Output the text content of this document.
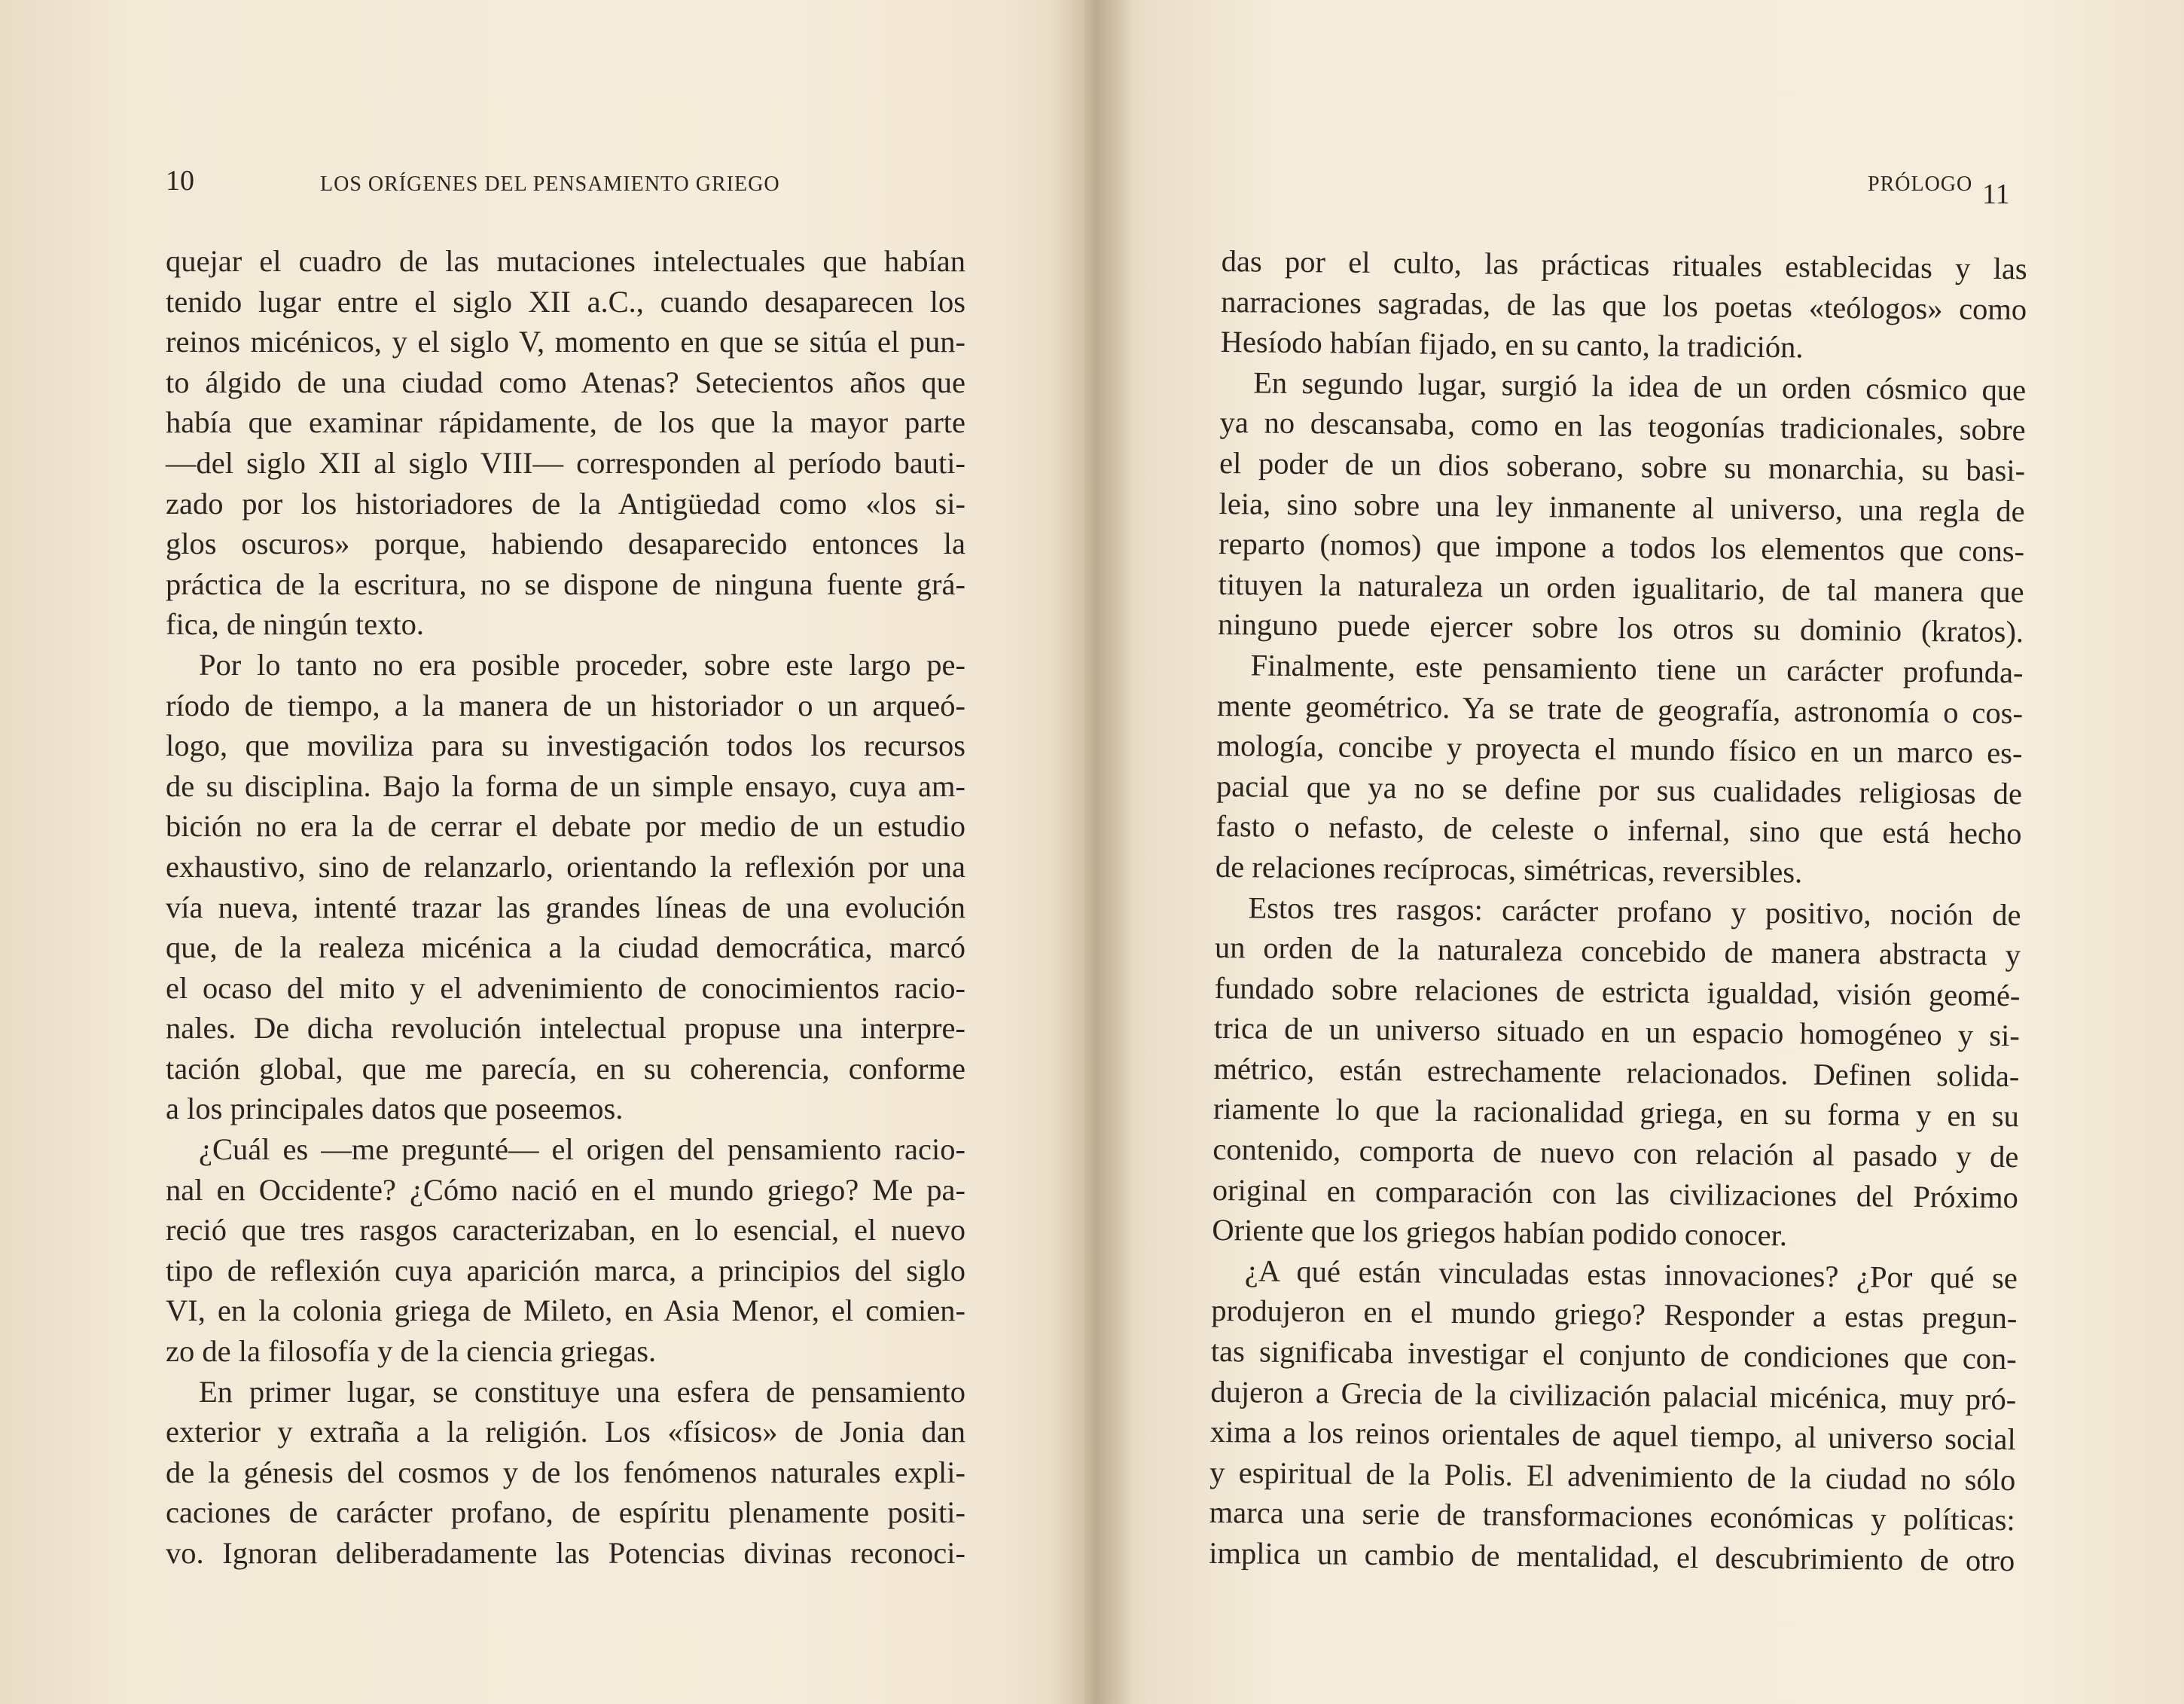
10	LOS ORÍGENES DEL PENSAMIENTO GRIEGO
quejar el cuadro de las mutaciones intelectuales que habían
tenido lugar entre el siglo XII a.C., cuando desaparecen los
reinos micénicos, y el siglo V, momento en que se sitúa el pun-
to álgido de una ciudad como Atenas? Setecientos años que
había que examinar rápidamente, de los que la mayor parte
—del siglo XII al siglo VIII— corresponden al período bauti-
zado por los historiadores de la Antigüedad como «los si-
glos oscuros» porque, habiendo desaparecido entonces la
práctica de la escritura, no se dispone de ninguna fuente grá-
fica, de ningún texto.
Por lo tanto no era posible proceder, sobre este largo pe-
ríodo de tiempo, a la manera de un historiador o un arqueó-
logo, que moviliza para su investigación todos los recursos
de su disciplina. Bajo la forma de un simple ensayo, cuya am-
bición no era la de cerrar el debate por medio de un estudio
exhaustivo, sino de relanzarlo, orientando la reflexión por una
vía nueva, intenté trazar las grandes líneas de una evolución
que, de la realeza micénica a la ciudad democrática, marcó
el ocaso del mito y el advenimiento de conocimientos racio-
nales. De dicha revolución intelectual propuse una interpre-
tación global, que me parecía, en su coherencia, conforme
a los principales datos que poseemos.
¿Cuál es —me pregunté— el origen del pensamiento racio-
nal en Occidente? ¿Cómo nació en el mundo griego? Me pa-
reció que tres rasgos caracterizaban, en lo esencial, el nuevo
tipo de reflexión cuya aparición marca, a principios del siglo
VI, en la colonia griega de Mileto, en Asia Menor, el comien-
zo de la filosofía y de la ciencia griegas.
En primer lugar, se constituye una esfera de pensamiento
exterior y extraña a la religión. Los «físicos» de Jonia dan
de la génesis del cosmos y de los fenómenos naturales expli-
caciones de carácter profano, de espíritu plenamente positi-
vo. Ignoran deliberadamente las Potencias divinas reconoci-
PRÓLOGO 11
das por el culto, las prácticas rituales establecidas y las
narraciones sagradas, de las que los poetas «teólogos» como
Hesíodo habían fijado, en su canto, la tradición.
En segundo lugar, surgió la idea de un orden cósmico que
ya no descansaba, como en las teogonías tradicionales, sobre
el poder de un dios soberano, sobre su monarchia, su basi-
leia, sino sobre una ley inmanente al universo, una regla de
reparto (nomos) que impone a todos los elementos que cons-
tituyen la naturaleza un orden igualitario, de tal manera que
ninguno puede ejercer sobre los otros su dominio (kratos).
Finalmente, este pensamiento tiene un carácter profunda-
mente geométrico. Ya se trate de geografía, astronomía o cos-
mología, concibe y proyecta el mundo físico en un marco es-
pacial que ya no se define por sus cualidades religiosas de
fasto o nefasto, de celeste o infernal, sino que está hecho
de relaciones recíprocas, simétricas, reversibles.
Estos tres rasgos: carácter profano y positivo, noción de
un orden de la naturaleza concebido de manera abstracta y
fundado sobre relaciones de estricta igualdad, visión geomé-
trica de un universo situado en un espacio homogéneo y si-
métrico, están estrechamente relacionados. Definen solida-
riamente lo que la racionalidad griega, en su forma y en su
contenido, comporta de nuevo con relación al pasado y de
original en comparación con las civilizaciones del Próximo
Oriente que los griegos habían podido conocer.
¿A qué están vinculadas estas innovaciones? ¿Por qué se
produjeron en el mundo griego? Responder a estas pregun-
tas significaba investigar el conjunto de condiciones que con-
dujeron a Grecia de la civilización palacial micénica, muy pró-
xima a los reinos orientales de aquel tiempo, al universo social
y espiritual de la Polis. El advenimiento de la ciudad no sólo
marca una serie de transformaciones económicas y políticas:
implica un cambio de mentalidad, el descubrimiento de otro
